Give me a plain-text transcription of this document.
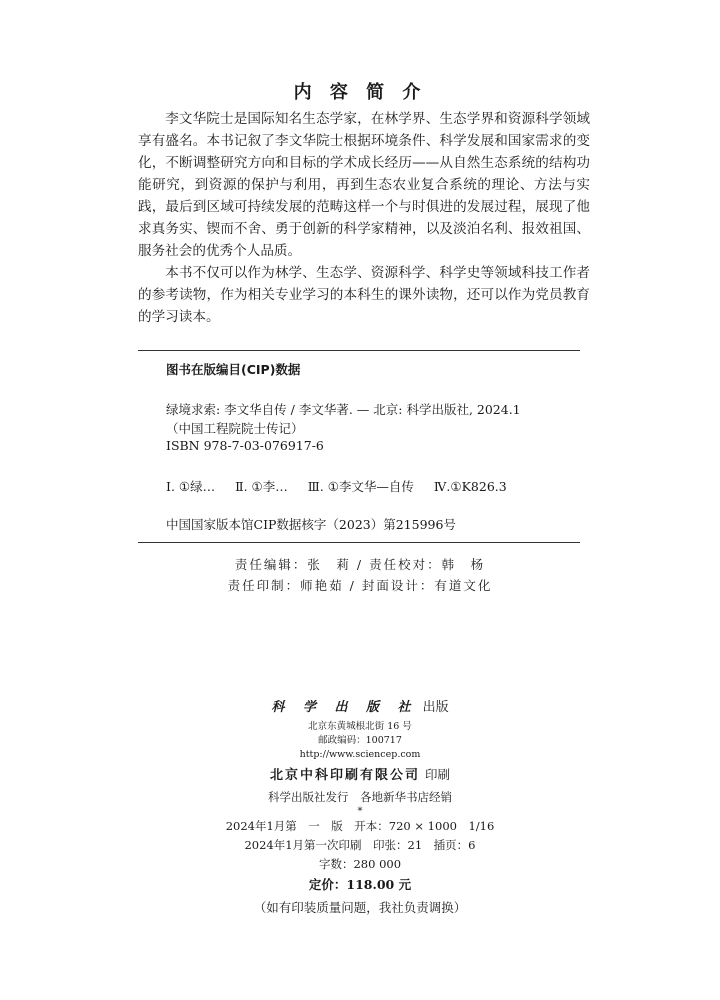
内 容 简 介

李文华院士是国际知名生态学家，在林学界、生态学界和资源科学领域享有盛名。本书记叙了李文华院士根据环境条件、科学发展和国家需求的变化，不断调整研究方向和目标的学术成长经历——从自然生态系统的结构功能研究，到资源的保护与利用，再到生态农业复合系统的理论、方法与实践，最后到区域可持续发展的范畴这样一个与时俱进的发展过程，展现了他求真务实、锲而不舍、勇于创新的科学家精神，以及淡泊名利、报效祖国、服务社会的优秀个人品质。

本书不仅可以作为林学、生态学、资源科学、科学史等领域科技工作者的参考读物，作为相关专业学习的本科生的课外读物，还可以作为党员教育的学习读本。

图书在版编目(CIP)数据
绿境求索: 李文华自传 / 李文华著. — 北京: 科学出版社, 2024.1
（中国工程院院士传记）
ISBN 978-7-03-076917-6
Ⅰ. ①绿… Ⅱ. ①李… Ⅲ. ①李文华—自传 Ⅳ.①K826.3
中国国家版本馆CIP数据核字（2023）第215996号
责任编辑：张　莉 / 责任校对：韩　杨
责任印制：师艳茹 / 封面设计：有道文化
科 学 出 版 社 出版
北京东黄城根北街 16 号
邮政编码：100717
http://www.sciencep.com
北京中科印刷有限公司 印刷
科学出版社发行　各地新华书店经销
*
2024年1月第　一　版　开本：720 × 1000　1/16
2024年1月第一次印刷　印张：21　插页：6
字数：280 000
定价：118.00 元
（如有印装质量问题，我社负责调换）
